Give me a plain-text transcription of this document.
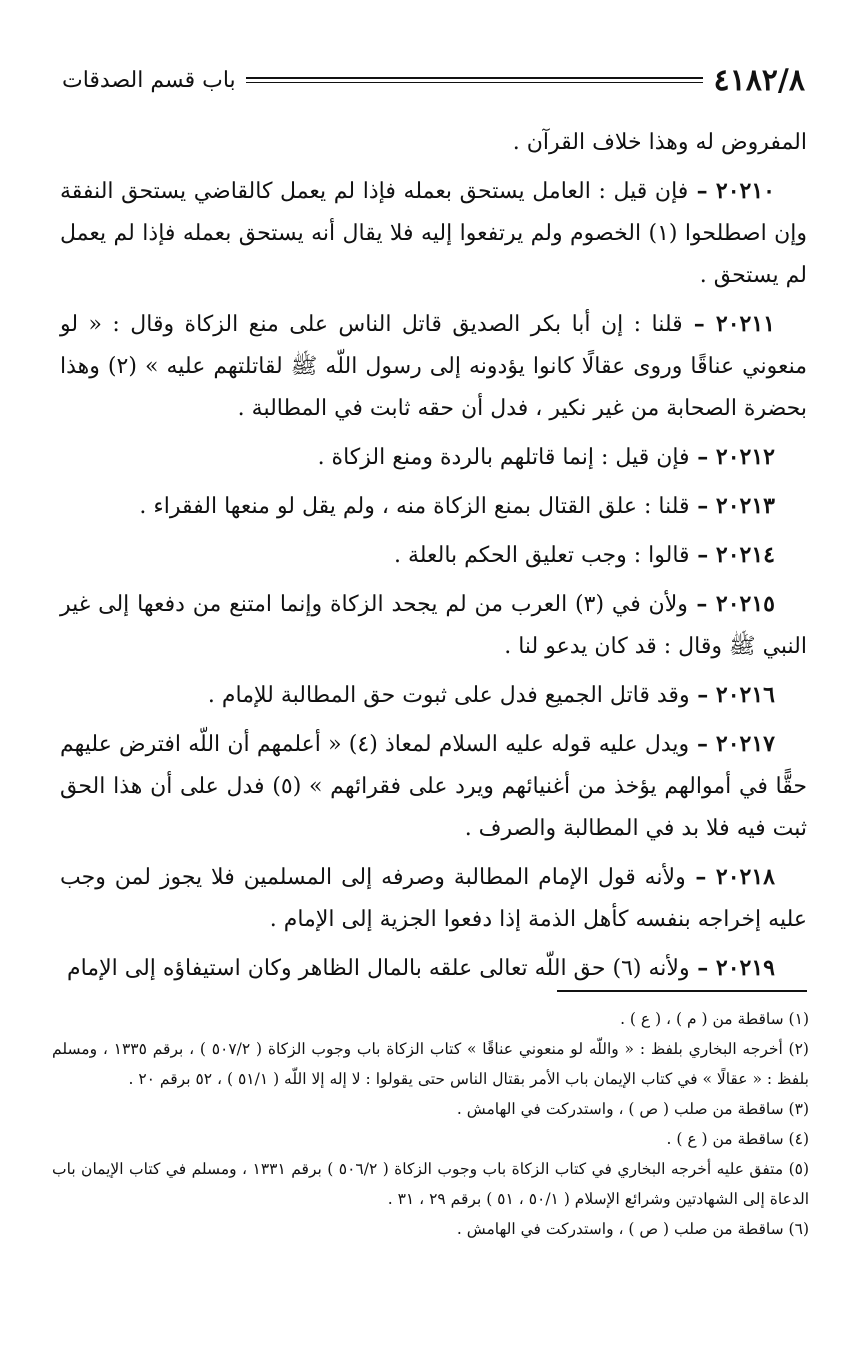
٤١٨٢/٨
باب قسم الصدقات

المفروض له وهذا خلاف القرآن .

٢٠٢١٠ – فإن قيل : العامل يستحق بعمله فإذا لم يعمل كالقاضي يستحق النفقة وإن اصطلحوا (١) الخصوم ولم يرتفعوا إليه فلا يقال أنه يستحق بعمله فإذا لم يعمل لم يستحق .

٢٠٢١١ – قلنا : إن أبا بكر الصديق قاتل الناس على منع الزكاة وقال : « لو منعوني عناقًا وروى عقالًا كانوا يؤدونه إلى رسول اللّه ﷺ لقاتلتهم عليه » (٢) وهذا بحضرة الصحابة من غير نكير ، فدل أن حقه ثابت في المطالبة .

٢٠٢١٢ – فإن قيل : إنما قاتلهم بالردة ومنع الزكاة .

٢٠٢١٣ – قلنا : علق القتال بمنع الزكاة منه ، ولم يقل لو منعها الفقراء .

٢٠٢١٤ – قالوا : وجب تعليق الحكم بالعلة .

٢٠٢١٥ – ولأن في (٣) العرب من لم يجحد الزكاة وإنما امتنع من دفعها إلى غير النبي ﷺ وقال : قد كان يدعو لنا .

٢٠٢١٦ – وقد قاتل الجميع فدل على ثبوت حق المطالبة للإمام .

٢٠٢١٧ – ويدل عليه قوله عليه السلام لمعاذ (٤) « أعلمهم أن اللّه افترض عليهم حقًّا في أموالهم يؤخذ من أغنيائهم ويرد على فقرائهم » (٥) فدل على أن هذا الحق ثبت فيه فلا بد في المطالبة والصرف .

٢٠٢١٨ – ولأنه قول الإمام المطالبة وصرفه إلى المسلمين فلا يجوز لمن وجب عليه إخراجه بنفسه كأهل الذمة إذا دفعوا الجزية إلى الإمام .

٢٠٢١٩ – ولأنه (٦) حق اللّه تعالى علقه بالمال الظاهر وكان استيفاؤه إلى الإمام

(١) ساقطة من ( م ) ، ( ع ) .

(٢) أخرجه البخاري بلفظ : « واللّه لو منعوني عناقًا » كتاب الزكاة باب وجوب الزكاة ( ٥٠٧/٢ ) ، برقم ١٣٣٥ ، ومسلم بلفظ : « عقالًا » في كتاب الإيمان باب الأمر بقتال الناس حتى يقولوا : لا إله إلا اللّه ( ٥١/١ ) ، ٥٢ برقم ٢٠ .

(٣) ساقطة من صلب ( ص ) ، واستدركت في الهامش .

(٤) ساقطة من ( ع ) .

(٥) متفق عليه أخرجه البخاري في كتاب الزكاة باب وجوب الزكاة ( ٥٠٦/٢ ) برقم ١٣٣١ ، ومسلم في كتاب الإيمان باب الدعاة إلى الشهادتين وشرائع الإسلام ( ٥٠/١ ، ٥١ ) برقم ٢٩ ، ٣١ .

(٦) ساقطة من صلب ( ص ) ، واستدركت في الهامش .
